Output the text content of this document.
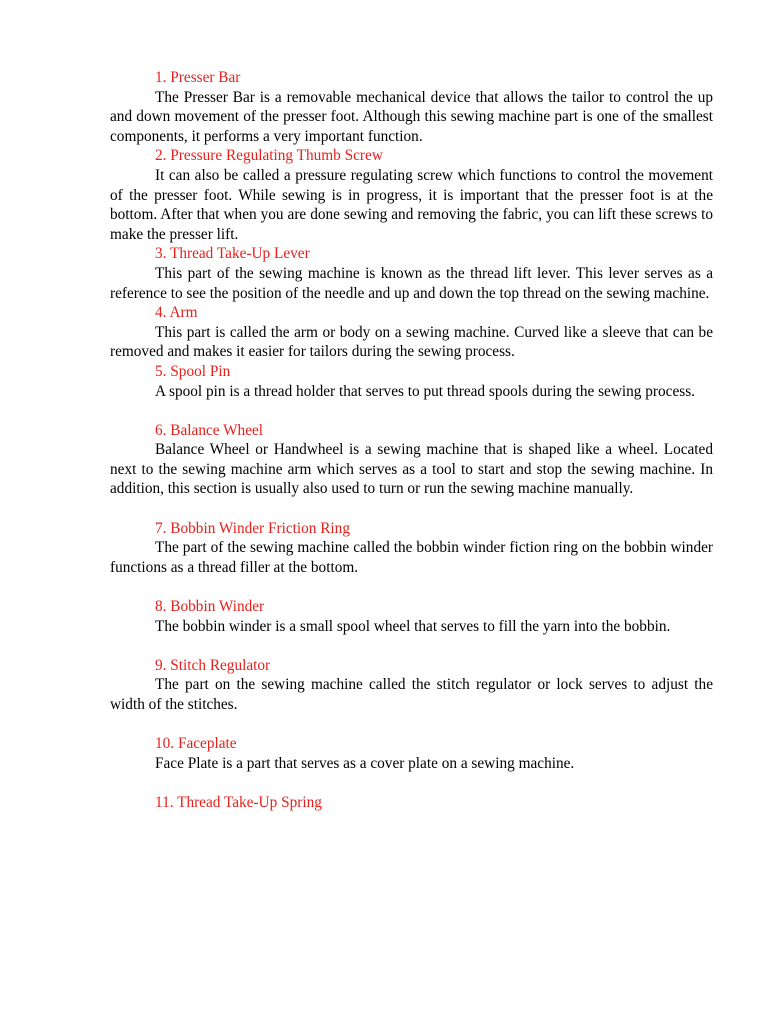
1. Presser Bar
The Presser Bar is a removable mechanical device that allows the tailor to control the up and down movement of the presser foot. Although this sewing machine part is one of the smallest components, it performs a very important function.
2. Pressure Regulating Thumb Screw
It can also be called a pressure regulating screw which functions to control the movement of the presser foot. While sewing is in progress, it is important that the presser foot is at the bottom. After that when you are done sewing and removing the fabric, you can lift these screws to make the presser lift.
3. Thread Take-Up Lever
This part of the sewing machine is known as the thread lift lever. This lever serves as a reference to see the position of the needle and up and down the top thread on the sewing machine.
4. Arm
This part is called the arm or body on a sewing machine. Curved like a sleeve that can be removed and makes it easier for tailors during the sewing process.
5. Spool Pin
A spool pin is a thread holder that serves to put thread spools during the sewing process.
6. Balance Wheel
Balance Wheel or Handwheel is a sewing machine that is shaped like a wheel. Located next to the sewing machine arm which serves as a tool to start and stop the sewing machine. In addition, this section is usually also used to turn or run the sewing machine manually.
7. Bobbin Winder Friction Ring
The part of the sewing machine called the bobbin winder fiction ring on the bobbin winder functions as a thread filler at the bottom.
8. Bobbin Winder
The bobbin winder is a small spool wheel that serves to fill the yarn into the bobbin.
9. Stitch Regulator
The part on the sewing machine called the stitch regulator or lock serves to adjust the width of the stitches.
10. Faceplate
Face Plate is a part that serves as a cover plate on a sewing machine.
11. Thread Take-Up Spring
